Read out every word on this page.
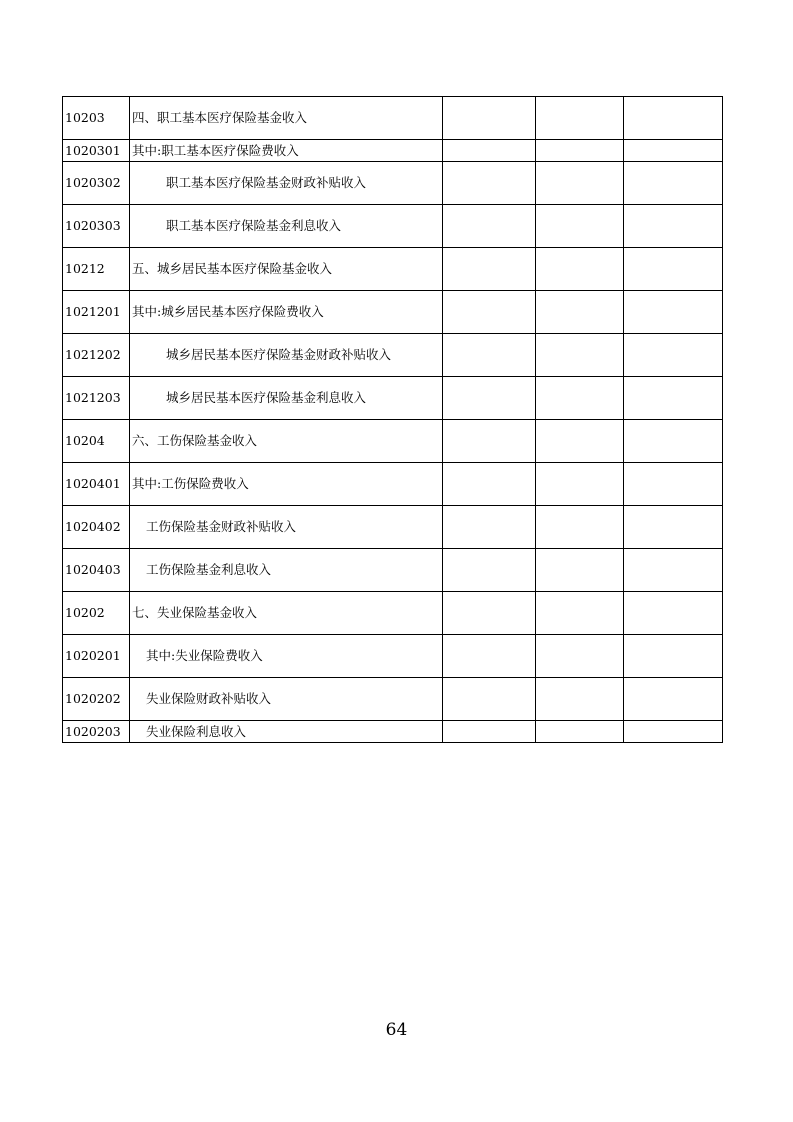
10203	四、职工基本医疗保险基金收入			
1020301	其中:职工基本医疗保险费收入			
1020302	职工基本医疗保险基金财政补贴收入			
1020303	职工基本医疗保险基金利息收入			
10212	五、城乡居民基本医疗保险基金收入			
1021201	其中:城乡居民基本医疗保险费收入			
1021202	城乡居民基本医疗保险基金财政补贴收入			
1021203	城乡居民基本医疗保险基金利息收入			
10204	六、工伤保险基金收入			
1020401	其中:工伤保险费收入			
1020402	工伤保险基金财政补贴收入			
1020403	工伤保险基金利息收入			
10202	七、失业保险基金收入			
1020201	其中:失业保险费收入			
1020202	失业保险财政补贴收入			
1020203	失业保险利息收入			
64
